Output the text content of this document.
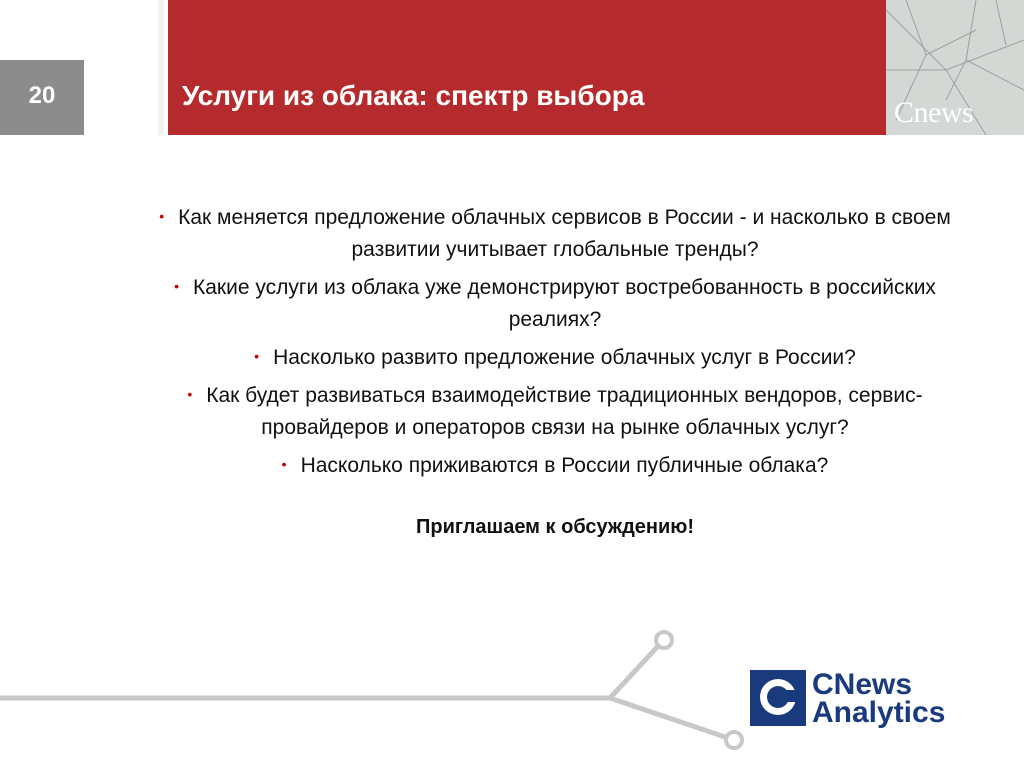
20	Услуги из облака: спектр выбора
Cnews
• Как меняется предложение облачных сервисов в России - и насколько в своем развитии учитывает глобальные тренды?
• Какие услуги из облака уже демонстрируют востребованность в российских реалиях?
• Насколько развито предложение облачных услуг в России?
• Как будет развиваться взаимодействие традиционных вендоров, сервис-провайдеров и операторов связи на рынке облачных услуг?
• Насколько приживаются в России публичные облака?
Приглашаем к обсуждению!
CNews
Analytics
